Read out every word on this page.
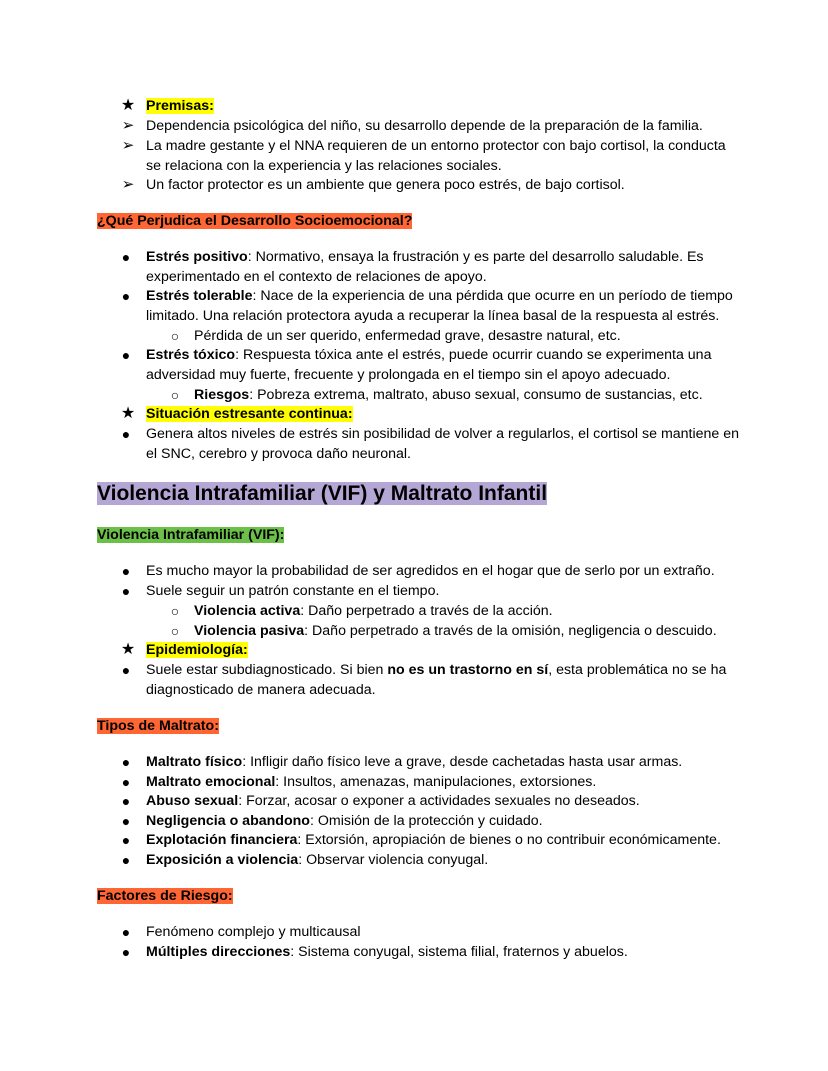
★ Premisas:
➢ Dependencia psicológica del niño, su desarrollo depende de la preparación de la familia.
➢ La madre gestante y el NNA requieren de un entorno protector con bajo cortisol, la conducta
se relaciona con la experiencia y las relaciones sociales.
➢ Un factor protector es un ambiente que genera poco estrés, de bajo cortisol.
¿Qué Perjudica el Desarrollo Socioemocional?
●	Estrés positivo: Normativo, ensaya la frustración y es parte del desarrollo saludable. Es
experimentado en el contexto de relaciones de apoyo.
●	Estrés tolerable: Nace de la experiencia de una pérdida que ocurre en un período de tiempo
limitado. Una relación protectora ayuda a recuperar la línea basal de la respuesta al estrés.
○	Pérdida de un ser querido, enfermedad grave, desastre natural, etc.
●	Estrés tóxico: Respuesta tóxica ante el estrés, puede ocurrir cuando se experimenta una
adversidad muy fuerte, frecuente y prolongada en el tiempo sin el apoyo adecuado.
○	Riesgos: Pobreza extrema, maltrato, abuso sexual, consumo de sustancias, etc.
★ Situación estresante continua:
●	Genera altos niveles de estrés sin posibilidad de volver a regularlos, el cortisol se mantiene en
el SNC, cerebro y provoca daño neuronal.
Violencia Intrafamiliar (VIF) y Maltrato Infantil
Violencia Intrafamiliar (VIF):
●	Es mucho mayor la probabilidad de ser agredidos en el hogar que de serlo por un extraño.
●	Suele seguir un patrón constante en el tiempo.
○	Violencia activa: Daño perpetrado a través de la acción.
○	Violencia pasiva: Daño perpetrado a través de la omisión, negligencia o descuido.
★ Epidemiología:
●	Suele estar subdiagnosticado. Si bien no es un trastorno en sí, esta problemática no se ha
diagnosticado de manera adecuada.
Tipos de Maltrato:
●	Maltrato físico: Infligir daño físico leve a grave, desde cachetadas hasta usar armas.
●	Maltrato emocional: Insultos, amenazas, manipulaciones, extorsiones.
●	Abuso sexual: Forzar, acosar o exponer a actividades sexuales no deseados.
●	Negligencia o abandono: Omisión de la protección y cuidado.
●	Explotación financiera: Extorsión, apropiación de bienes o no contribuir económicamente.
●	Exposición a violencia: Observar violencia conyugal.
Factores de Riesgo:
●	Fenómeno complejo y multicausal
●	Múltiples direcciones: Sistema conyugal, sistema filial, fraternos y abuelos.
